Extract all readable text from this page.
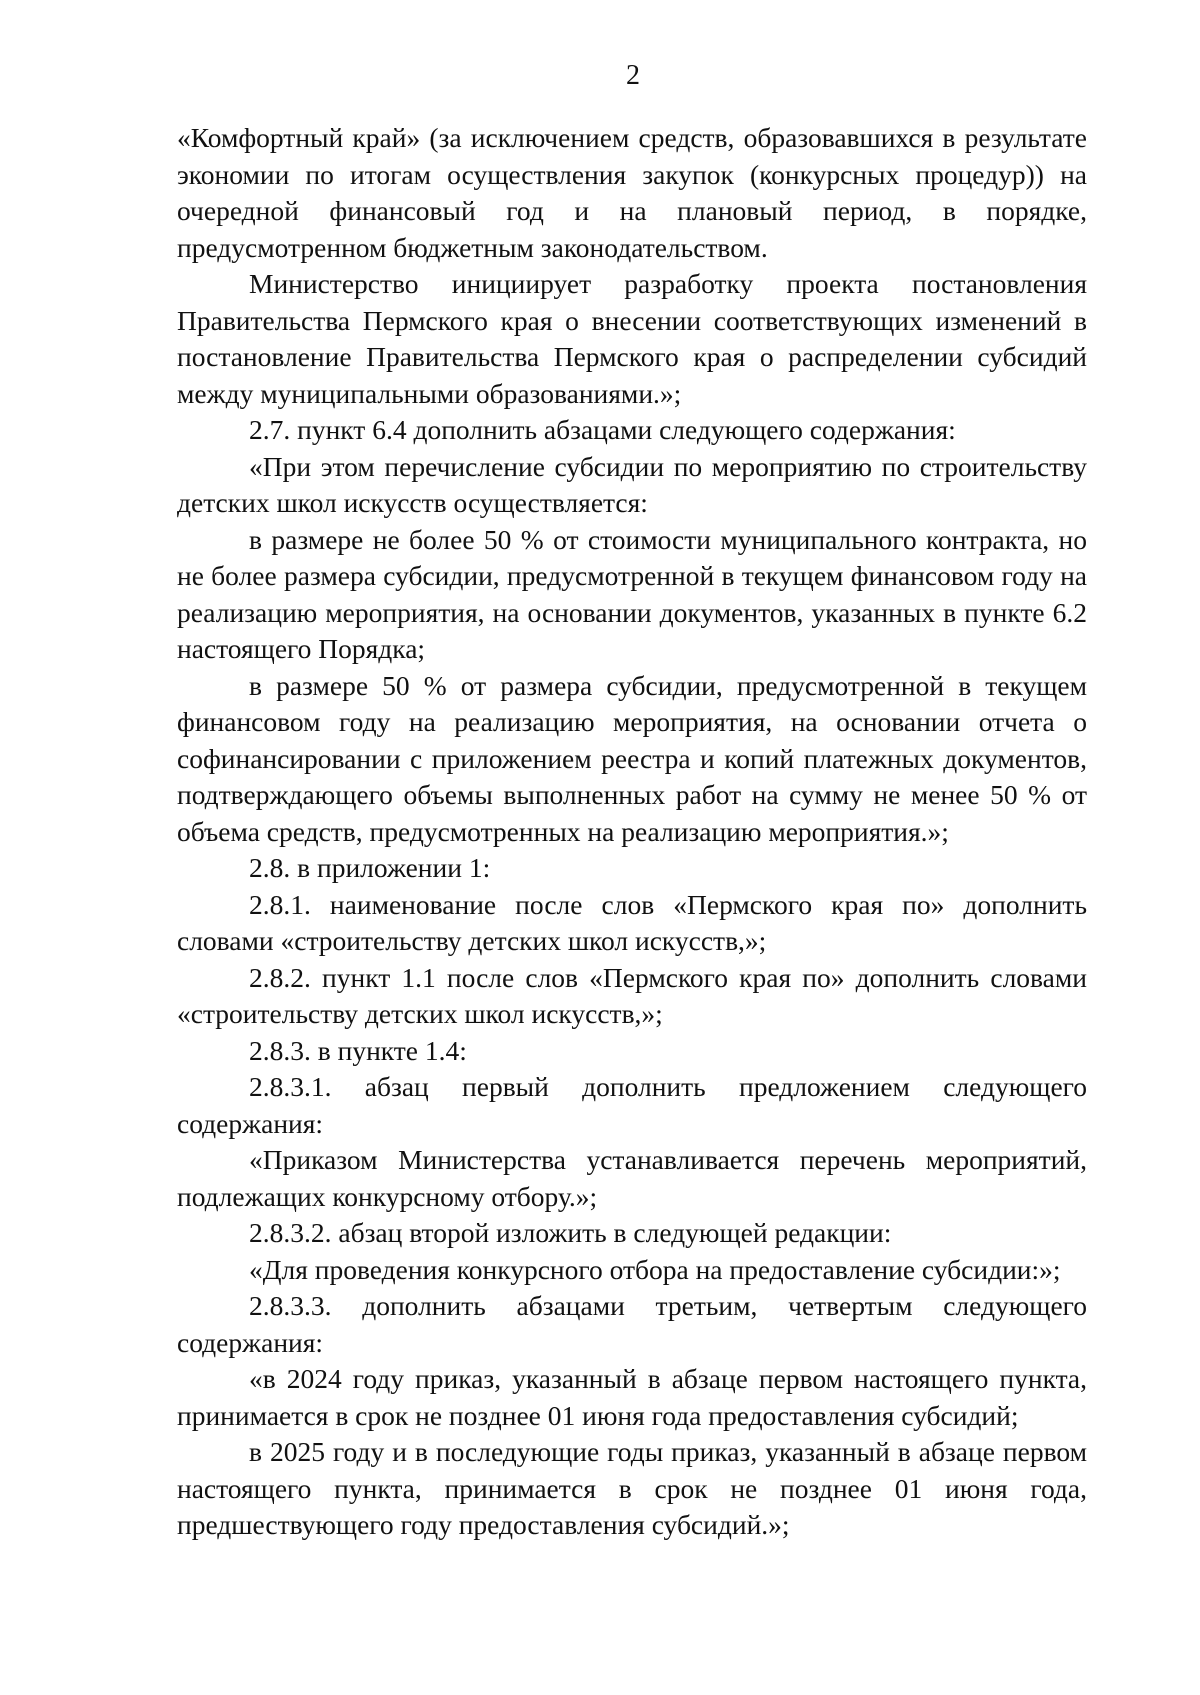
2

«Комфортный край» (за исключением средств, образовавшихся в результате экономии по итогам осуществления закупок (конкурсных процедур)) на очередной финансовый год и на плановый период, в порядке, предусмотренном бюджетным законодательством.

Министерство инициирует разработку проекта постановления Правительства Пермского края о внесении соответствующих изменений в постановление Правительства Пермского края о распределении субсидий между муниципальными образованиями.»;

2.7. пункт 6.4 дополнить абзацами следующего содержания:

«При этом перечисление субсидии по мероприятию по строительству детских школ искусств осуществляется:

в размере не более 50 % от стоимости муниципального контракта, но не более размера субсидии, предусмотренной в текущем финансовом году на реализацию мероприятия, на основании документов, указанных в пункте 6.2 настоящего Порядка;

в размере 50 % от размера субсидии, предусмотренной в текущем финансовом году на реализацию мероприятия, на основании отчета о софинансировании с приложением реестра и копий платежных документов, подтверждающего объемы выполненных работ на сумму не менее 50 % от объема средств, предусмотренных на реализацию мероприятия.»;

2.8. в приложении 1:

2.8.1. наименование после слов «Пермского края по» дополнить словами «строительству детских школ искусств,»;

2.8.2. пункт 1.1 после слов «Пермского края по» дополнить словами «строительству детских школ искусств,»;

2.8.3. в пункте 1.4:

2.8.3.1. абзац первый дополнить предложением следующего содержания:

«Приказом Министерства устанавливается перечень мероприятий, подлежащих конкурсному отбору.»;

2.8.3.2. абзац второй изложить в следующей редакции:

«Для проведения конкурсного отбора на предоставление субсидии:»;

2.8.3.3. дополнить абзацами третьим, четвертым следующего содержания:

«в 2024 году приказ, указанный в абзаце первом настоящего пункта, принимается в срок не позднее 01 июня года предоставления субсидий;

в 2025 году и в последующие годы приказ, указанный в абзаце первом настоящего пункта, принимается в срок не позднее 01 июня года, предшествующего году предоставления субсидий.»;
